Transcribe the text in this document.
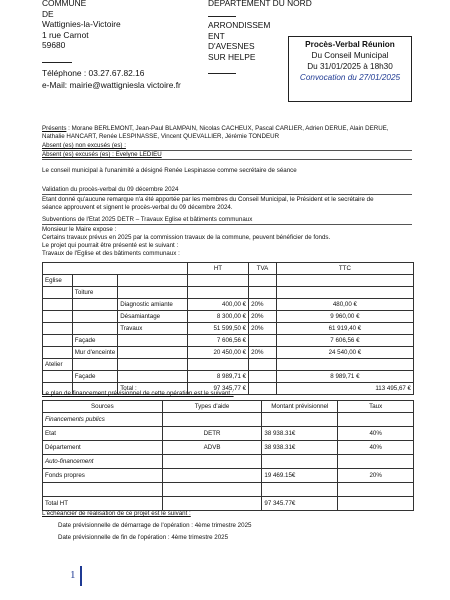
COMMUNE
DE
Wattignies-la-Victoire
1 rue Carnot
59680
Téléphone : 03.27.67.82.16
e-Mail: mairie@wattigniesla victoire.fr
DEPARTEMENT DU NORD
ARRONDISSEM
ENT
D'AVESNES
SUR HELPE
Procès-Verbal Réunion
Du Conseil Municipal
Du 31/01/2025 à 18h30
Convocation du 27/01/2025
Présents : Morane BERLEMONT, Jean-Paul BLAMPAIN, Nicolas CACHEUX, Pascal CARLIER, Adrien DERUE, Alain DERUE, Nathalie HANCART, Renée LESPINASSE, Vincent QUEVALLIER, Jérémie TONDEUR
Absent (es) non excusés (es) :
Absent (es) excusés (es) : Evelyne LEDIEU
Le conseil municipal à l'unanimité a désigné Renée Lespinasse comme secrétaire de séance
Validation du procès-verbal du 09 décembre 2024
Etant donné qu'aucune remarque n'a été apportée par les membres du Conseil Municipal, le Président et le secrétaire de
séance approuvent et signent le procès-verbal du 09 décembre 2024.
Subventions de l'Etat 2025 DETR – Travaux Eglise et bâtiments communaux
Monsieur le Maire expose :
Certains travaux prévus en 2025 par la commission travaux de la commune, peuvent bénéficier de fonds.
Le projet qui pourrait être présenté est le suivant :
Travaux de l'Eglise et des bâtiments communaux :
			HT	TVA	TTC
Eglise					
	Toiture				
		Diagnostic amiante	400,00 €	20%	480,00 €
		Désamiantage	8 300,00 €	20%	9 960,00 €
		Travaux	51 599,50 €	20%	61 919,40 €
	Façade		7 606,56 €		7 606,56 €
	Mur d'enceinte		20 450,00 €	20%	24 540,00 €
Atelier					
	Façade		8 989,71 €		8 989,71 €
		Total :	97 345,77 €		113 495,67 €
Le plan de financement prévisionnel de cette opération est le suivant :
Sources	Types d'aide	Montant prévisionnel	Taux
Financements publics			
Etat	DETR	38 938.31€	40%
Département	ADVB	38 938.31€	40%
Auto-financement			
Fonds propres		19 469.15€	20%

Total HT		97 345.77€	
L'échéancier de réalisation de ce projet est le suivant :
Date prévisionnelle de démarrage de l'opération : 4ème trimestre 2025
Date prévisionnelle de fin de l'opération : 4ème trimestre 2025
1
